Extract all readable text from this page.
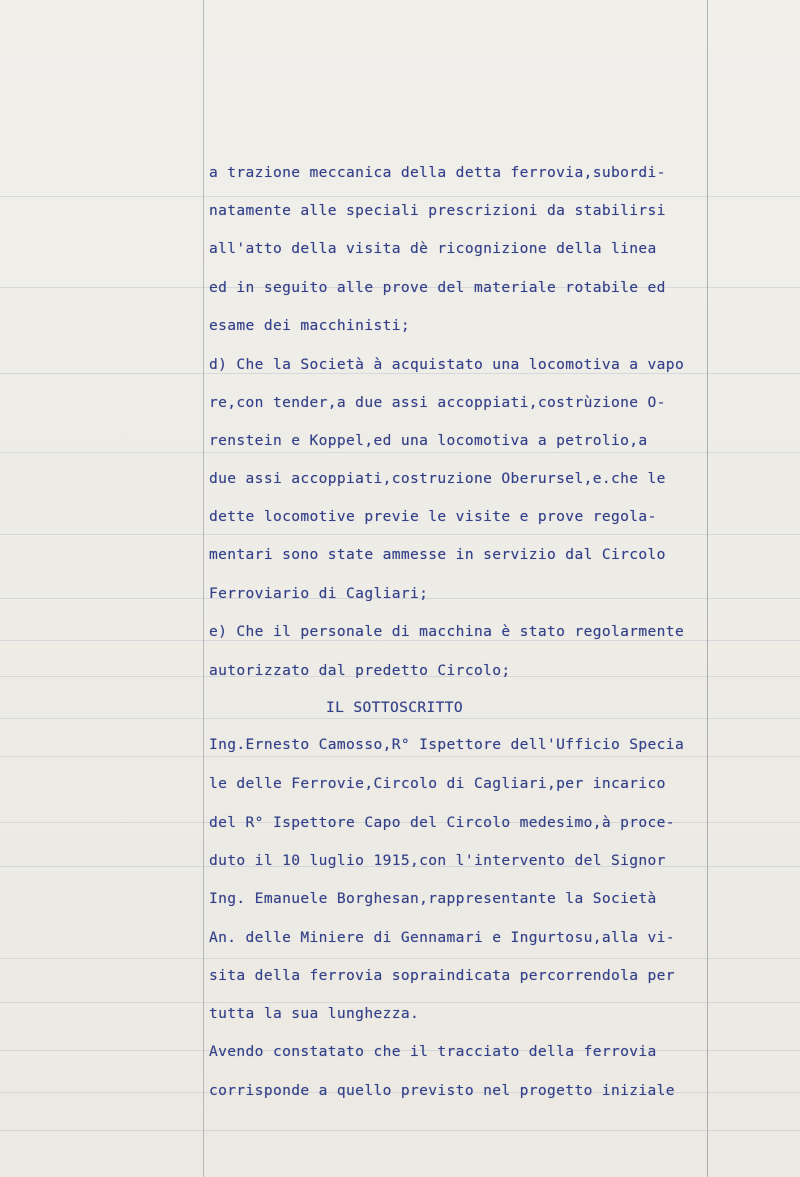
a trazione meccanica della detta ferrovia,subordi-
natamente alle speciali prescrizioni da stabilirsi
all'atto della visita dè ricognizione della linea
ed in seguito alle prove del materiale rotabile ed
esame dei macchinisti;
d) Che la Società à acquistato una locomotiva a vapo
re,con tender,a due assi accoppiati,costrùzione O-
renstein e Koppel,ed una locomotiva a petrolio,a
due assi accoppiati,costruzione Oberursel,e.che le
dette locomotive previe le visite e prove regola-
mentari sono state ammesse in servizio dal Circolo
Ferroviario di Cagliari;
e) Che il personale di macchina è stato regolarmente
autorizzato dal predetto Circolo;
IL SOTTOSCRITTO
Ing.Ernesto Camosso,R° Ispettore dell'Ufficio Specia
le delle Ferrovie,Circolo di Cagliari,per incarico
del R° Ispettore Capo del Circolo medesimo,à proce-
duto il 10 luglio 1915,con l'intervento del Signor
Ing. Emanuele Borghesan,rappresentante la Società
An. delle Miniere di Gennamari e Ingurtosu,alla vi-
sita della ferrovia sopraindicata percorrendola per
tutta la sua lunghezza.
Avendo constatato che il tracciato della ferrovia
corrisponde a quello previsto nel progetto iniziale
